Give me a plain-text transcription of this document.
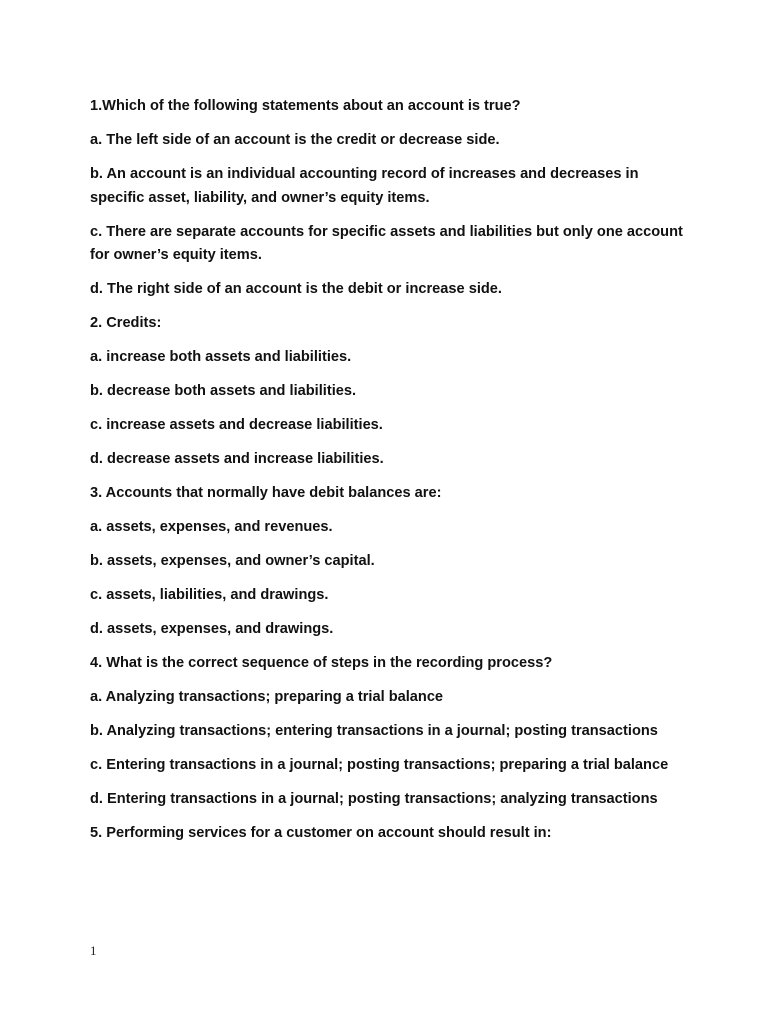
1.Which of the following statements about an account is true?

a. The left side of an account is the credit or decrease side.

b. An account is an individual accounting record of increases and decreases in specific asset, liability, and owner’s equity items.

c. There are separate accounts for specific assets and liabilities but only one account for owner’s equity items.

d. The right side of an account is the debit or increase side.

2. Credits:

a. increase both assets and liabilities.

b. decrease both assets and liabilities.

c. increase assets and decrease liabilities.

d. decrease assets and increase liabilities.

3. Accounts that normally have debit balances are:

a. assets, expenses, and revenues.

b. assets, expenses, and owner’s capital.

c. assets, liabilities, and drawings.

d. assets, expenses, and drawings.

4. What is the correct sequence of steps in the recording process?

a. Analyzing transactions; preparing a trial balance

b. Analyzing transactions; entering transactions in a journal; posting transactions

c. Entering transactions in a journal; posting transactions; preparing a trial balance

d. Entering transactions in a journal; posting transactions; analyzing transactions

5. Performing services for a customer on account should result in:

1
